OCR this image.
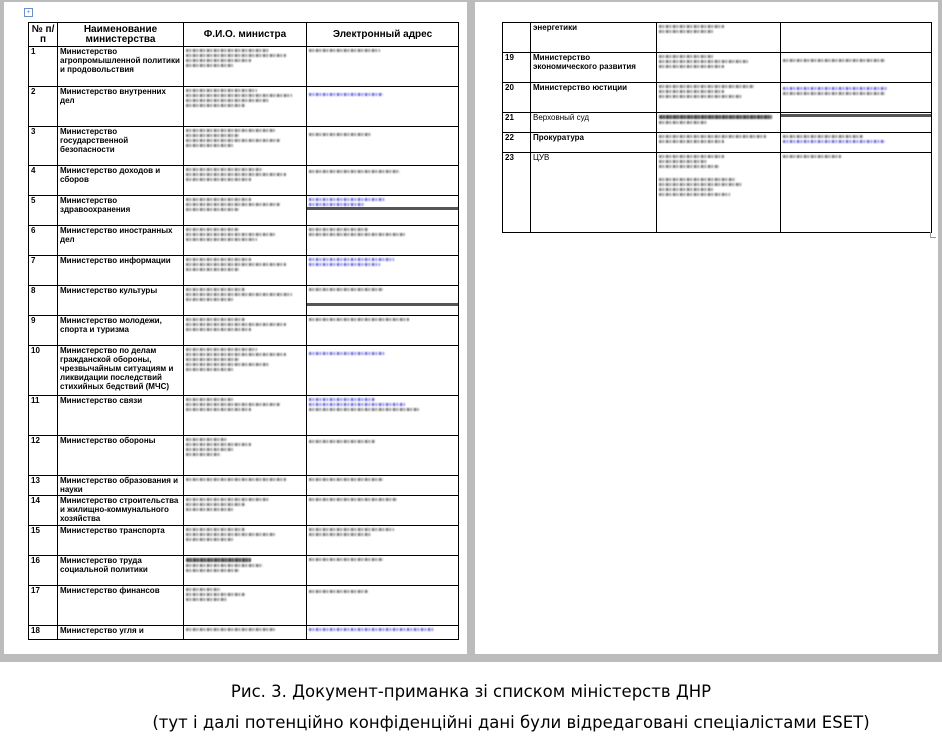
+
№ п/п	Наименование министерства	Ф.И.О. министра	Электронный адрес
1	Министерство агропромышленной политики и продовольствия	

2	Министерство внутренних дел	

3	Министерство государственной безопасности	

4	Министерство доходов и сборов	

5	Министерство здравоохранения	

6	Министерство иностранных дел	

7	Министерство информации	

8	Министерство культуры	

9	Министерство молодежи, спорта и туризма	

10	Министерство по делам гражданской обороны, чрезвычайным ситуациям и ликвидации последствий стихийных бедствий (МЧС)	

11	Министерство связи	

12	Министерство обороны	

13	Министерство образования и науки	

14	Министерство строительства и жилищно-коммунального хозяйства	

15	Министерство транспорта	

16	Министерство труда социальной политики	

17	Министерство финансов	

18	Министерство угля и	

	энергетики	

19	Министерство экономического развития	

20	Министерство юстиции	

21	Верховный суд	

22	Прокуратура	

23	ЦУВ	

Рис. 3. Документ-приманка зі списком міністерств ДНР
(тут і далі потенційно конфіденційні дані були відредаговані спеціалістами ESET)
